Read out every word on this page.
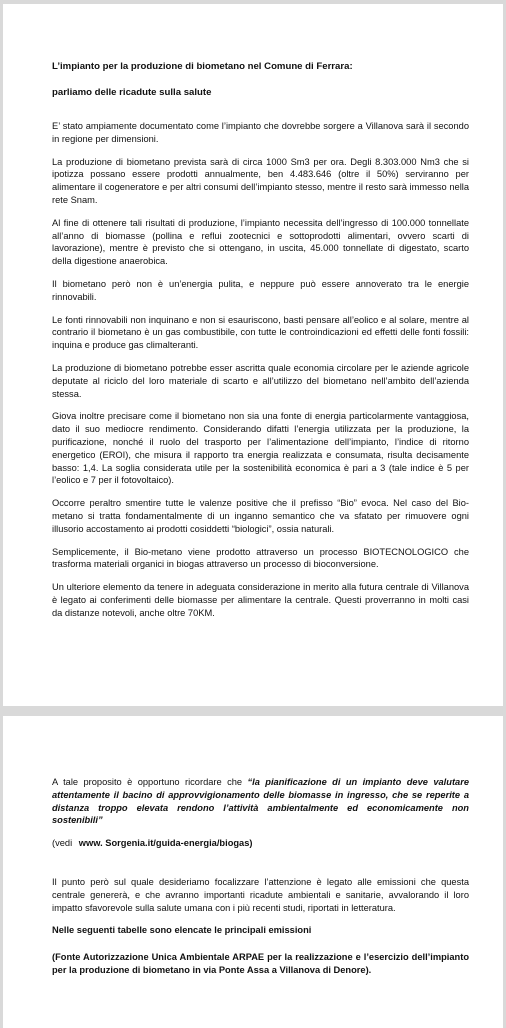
L’impianto per la produzione di biometano nel Comune di Ferrara:
parliamo delle ricadute sulla salute

E’ stato ampiamente documentato come l’impianto che dovrebbe sorgere a Villanova sarà il secondo in regione per dimensioni.

La produzione di biometano prevista sarà di circa 1000 Sm3 per ora. Degli 8.303.000 Nm3 che si ipotizza possano essere prodotti annualmente, ben 4.483.646 (oltre il 50%) serviranno per alimentare il cogeneratore e per altri consumi dell’impianto stesso, mentre il resto sarà immesso nella rete Snam.

Al fine di ottenere tali risultati di produzione, l’impianto necessita dell’ingresso di 100.000 tonnellate all’anno di biomasse (pollina e reflui zootecnici e sottoprodotti alimentari, ovvero scarti di lavorazione), mentre è previsto che si ottengano, in uscita, 45.000 tonnellate di digestato, scarto della digestione anaerobica.

Il biometano però non è un’energia pulita, e neppure può essere annoverato tra le energie rinnovabili.

Le fonti rinnovabili non inquinano e non si esauriscono, basti pensare all’eolico e al solare, mentre al contrario il biometano è un gas combustibile, con tutte le controindicazioni ed effetti delle fonti fossili: inquina e produce gas climalteranti.

La produzione di biometano potrebbe esser ascritta quale economia circolare per le aziende agricole deputate al riciclo del loro materiale di scarto e all’utilizzo del biometano nell’ambito dell’azienda stessa.

Giova inoltre precisare come il biometano non sia una fonte di energia particolarmente vantaggiosa, dato il suo mediocre rendimento. Considerando difatti l’energia utilizzata per la produzione, la purificazione, nonché il ruolo del trasporto per l’alimentazione dell’impianto, l’indice di ritorno energetico (EROI), che misura il rapporto tra energia realizzata e consumata, risulta decisamente basso: 1,4. La soglia considerata utile per la sostenibilità economica è pari a 3 (tale indice è 5 per l’eolico e 7 per il fotovoltaico).

Occorre peraltro smentire tutte le valenze positive che il prefisso “Bio” evoca. Nel caso del Bio-metano si tratta fondamentalmente di un inganno semantico che va sfatato per rimuovere ogni illusorio accostamento ai prodotti cosiddetti “biologici”, ossia naturali.

Semplicemente, il Bio-metano viene prodotto attraverso un processo BIOTECNOLOGICO che trasforma materiali organici in biogas attraverso un processo di bioconversione.

Un ulteriore elemento da tenere in adeguata considerazione in merito alla futura centrale di Villanova è legato ai conferimenti delle biomasse per alimentare la centrale. Questi proverranno in molti casi da distanze notevoli, anche oltre 70KM.

A tale proposito è opportuno ricordare che “la pianificazione di un impianto deve valutare attentamente il bacino di approvvigionamento delle biomasse in ingresso, che se reperite a distanza troppo elevata rendono l’attività ambientalmente ed economicamente non sostenibili”

(vedi www. Sorgenia.it/guida-energia/biogas)

Il punto però sul quale desideriamo focalizzare l’attenzione è legato alle emissioni che questa centrale genererà, e che avranno importanti ricadute ambientali e sanitarie, avvalorando il loro impatto sfavorevole sulla salute umana con i più recenti studi, riportati in letteratura.

Nelle seguenti tabelle sono elencate le principali emissioni

(Fonte Autorizzazione Unica Ambientale ARPAE per la realizzazione e l’esercizio dell’impianto per la produzione di biometano in via Ponte Assa a Villanova di Denore).
